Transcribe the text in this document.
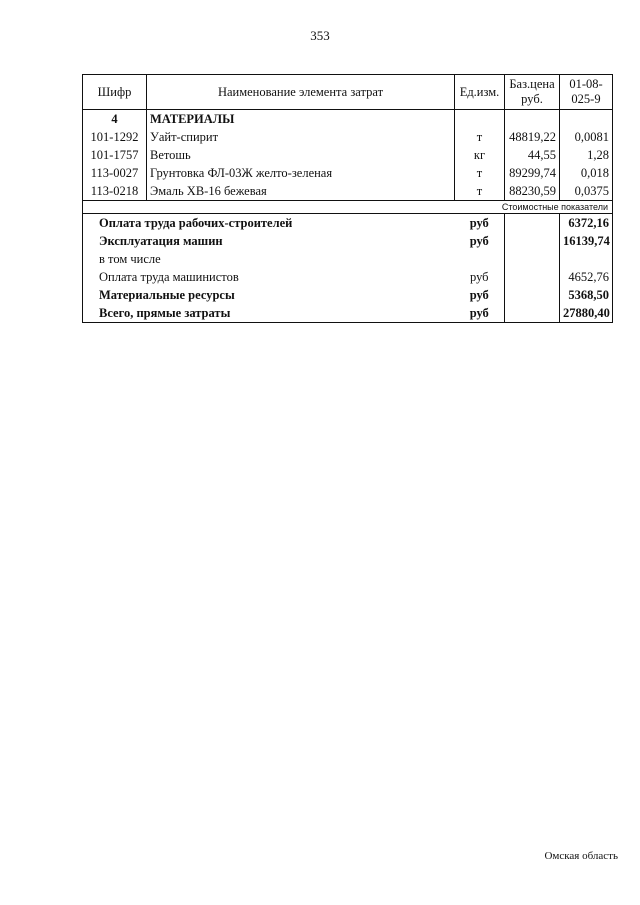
353
Шифр	Наименование элемента затрат	Ед.изм.	Баз.цена руб.	01-08-025-9
4	МАТЕРИАЛЫ			
101-1292	Уайт-спирит	т	48819,22	0,0081
101-1757	Ветошь	кг	44,55	1,28
113-0027	Грунтовка ФЛ-03Ж желто-зеленая	т	89299,74	0,018
113-0218	Эмаль ХВ-16 бежевая	т	88230,59	0,0375
Стоимостные показатели				
Оплата труда рабочих-строителей		руб		6372,16
Эксплуатация машин		руб		16139,74
в том числе				
Оплата труда машинистов		руб		4652,76
Материальные ресурсы		руб		5368,50
Всего, прямые затраты		руб		27880,40
Омская область
